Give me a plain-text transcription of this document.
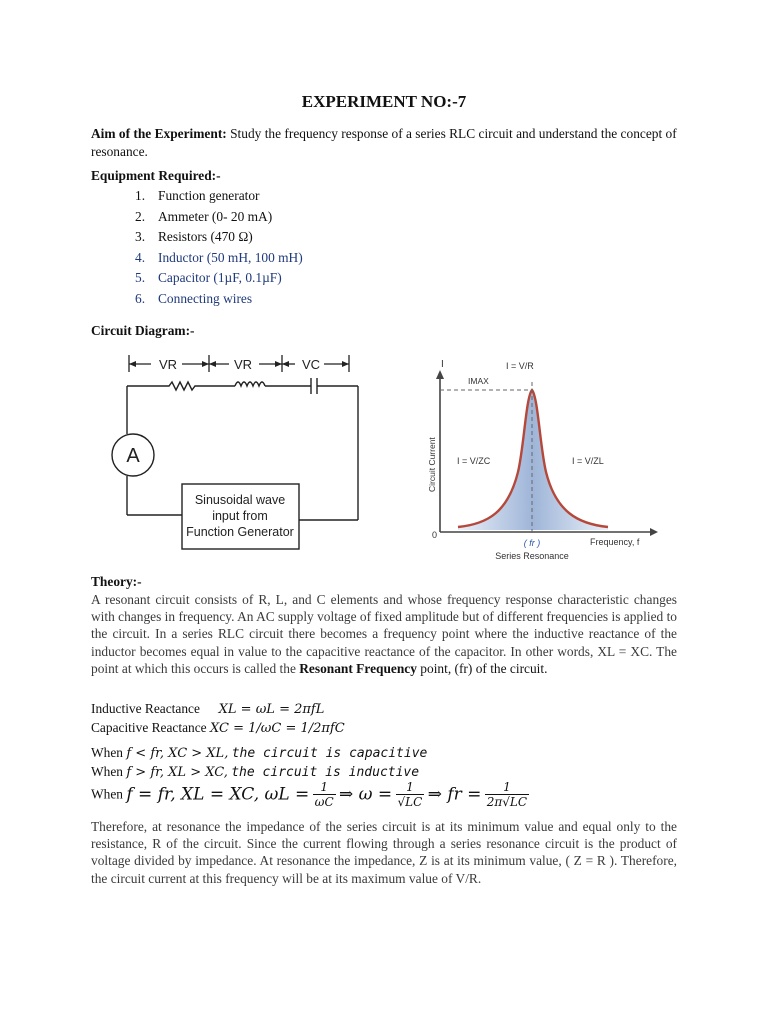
EXPERIMENT NO:-7
Aim of the Experiment: Study the frequency response of a series RLC circuit and understand the concept of resonance.
Equipment Required:-
1. Function generator
2. Ammeter (0- 20 mA)
3. Resistors (470 Ω)
4. Inductor (50 mH, 100 mH)
5. Capacitor (1µF, 0.1µF)
6. Connecting wires
Circuit Diagram:-
VR	VR	VC
A
Sinusoidal wave
input from
Function Generator
I
IMAX
I = V/R
I = V/ZC	I = V/ZL
Circuit Current
0
Frequency, f
( fr )
Series Resonance
Theory:-
A resonant circuit consists of R, L, and C elements and whose frequency response characteristic changes with changes in frequency. An AC supply voltage of fixed amplitude but of different frequencies is applied to the circuit. In a series RLC circuit there becomes a frequency point where the inductive reactance of the inductor becomes equal in value to the capacitive reactance of the capacitor. In other words, XL = XC. The point at which this occurs is called the Resonant Frequency point, (fr) of the circuit.
Inductive Reactance XL = ωL = 2πfL
Capacitive Reactance XC = 1/ωC = 1/2πfC
When f < fr, XC > XL, the circuit is capacitive
When f > fr, XL > XC, the circuit is inductive
When f = fr, XL = XC, $\omega L = \frac{1}{\omega C}$ ⇒ $\omega = \frac{1}{√LC}$ ⇒ fr = $\frac{1}{2\pi√LC}$
Therefore, at resonance the impedance of the series circuit is at its minimum value and equal only to the resistance, R of the circuit. Since the current flowing through a series resonance circuit is the product of voltage divided by impedance. At resonance the impedance, Z is at its minimum value, ( Z = R ). Therefore, the circuit current at this frequency will be at its maximum value of V/R.
